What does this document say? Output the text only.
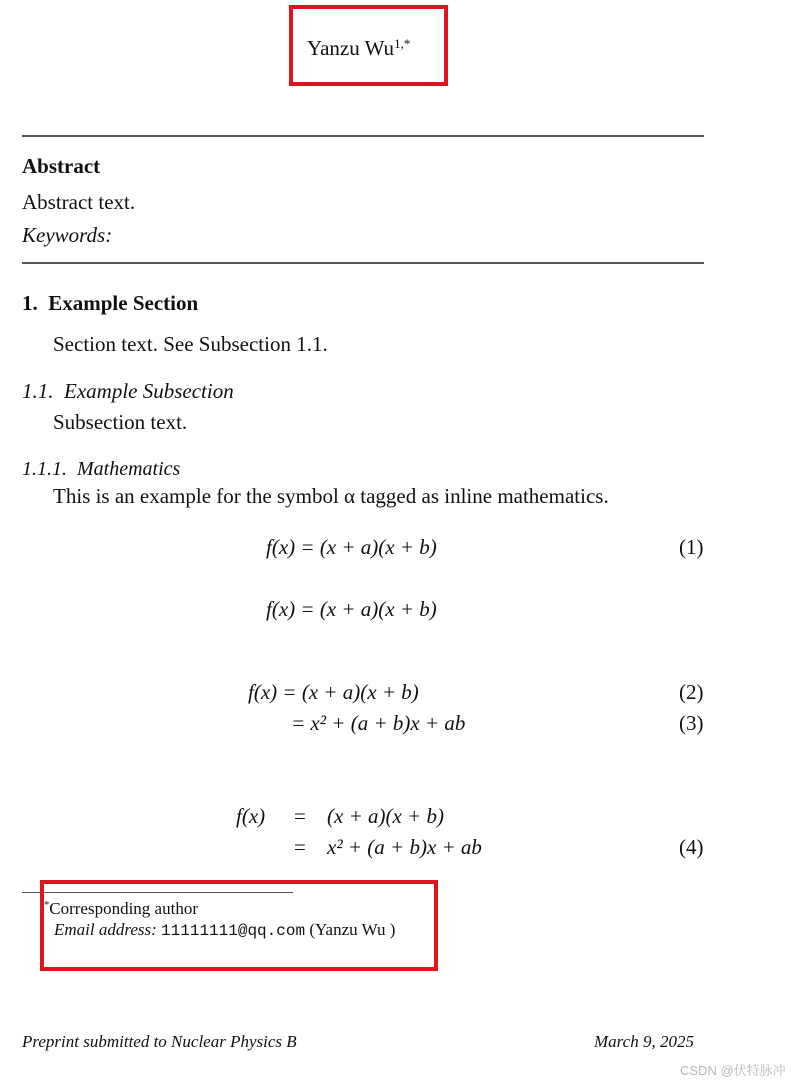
Yanzu $Wu^{1,*}$
Abstract
Abstract text.
Keywords:
1. Example Section
Section text. See Subsection 1.1.
1.1. Example Subsection
Subsection text.
1.1.1. Mathematics
This is an example for the symbol α tagged as inline mathematics.
f(x) = (x + a)(x + b)	(1)
f(x) = (x + a)(x + b)
f(x) = (x + a)(x + b)	(2)
= x² + (a + b)x + ab	(3)
f(x) = (x + a)(x + b)
= x² + (a + b)x + ab	(4)
*Corresponding author
Email address: 11111111@qq.com (Yanzu Wu )
Preprint submitted to Nuclear Physics B	March 9, 2025
CSDN @伏特脉冲
